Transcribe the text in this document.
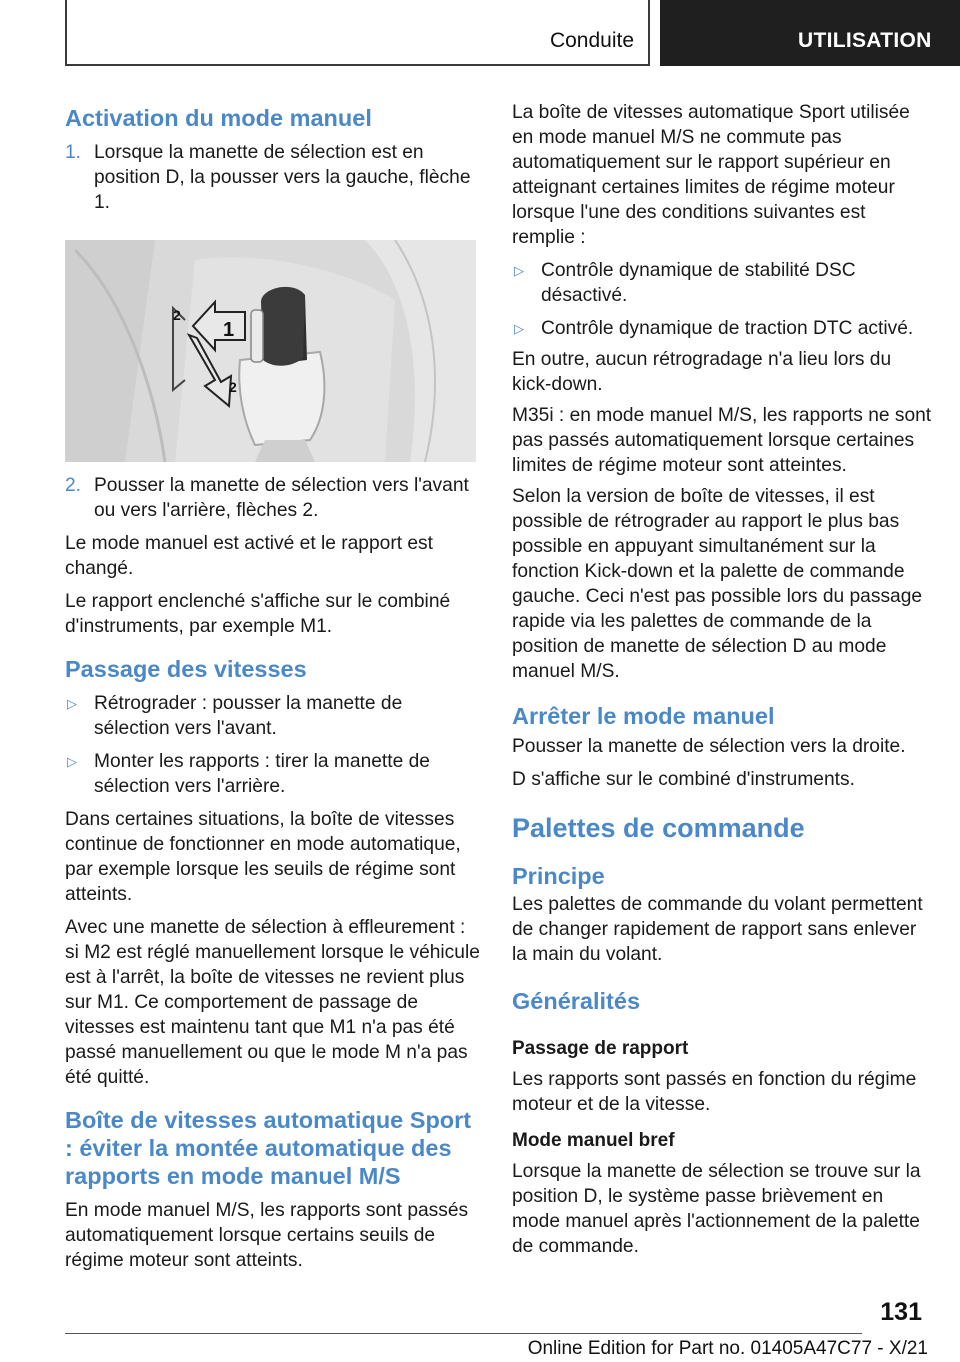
Conduite	UTILISATION
Activation du mode manuel
1. Lorsque la manette de sélection est en position D, la pousser vers la gauche, flèche 1.
1
2
2
2. Pousser la manette de sélection vers l'avant ou vers l'arrière, flèches 2.

Le mode manuel est activé et le rapport est changé.

Le rapport enclenché s'affiche sur le combiné d'instruments, par exemple M1.

Passage des vitesses
▷ Rétrograder : pousser la manette de sélection vers l'avant.
▷ Monter les rapports : tirer la manette de sélection vers l'arrière.

Dans certaines situations, la boîte de vitesses continue de fonctionner en mode automatique, par exemple lorsque les seuils de régime sont atteints.

Avec une manette de sélection à effleurement : si M2 est réglé manuellement lorsque le véhicule est à l'arrêt, la boîte de vitesses ne revient plus sur M1. Ce comportement de passage de vitesses est maintenu tant que M1 n'a pas été passé manuellement ou que le mode M n'a pas été quitté.

Boîte de vitesses automatique Sport : éviter la montée automatique des rapports en mode manuel M/S

En mode manuel M/S, les rapports sont passés automatiquement lorsque certains seuils de régime moteur sont atteints.

La boîte de vitesses automatique Sport utilisée en mode manuel M/S ne commute pas automatiquement sur le rapport supérieur en atteignant certaines limites de régime moteur lorsque l'une des conditions suivantes est remplie :

▷ Contrôle dynamique de stabilité DSC désactivé.
▷ Contrôle dynamique de traction DTC activé.

En outre, aucun rétrogradage n'a lieu lors du kick-down.

M35i : en mode manuel M/S, les rapports ne sont pas passés automatiquement lorsque certaines limites de régime moteur sont atteintes.

Selon la version de boîte de vitesses, il est possible de rétrograder au rapport le plus bas possible en appuyant simultanément sur la fonction Kick-down et la palette de commande gauche. Ceci n'est pas possible lors du passage rapide via les palettes de commande de la position de manette de sélection D au mode manuel M/S.

Arrêter le mode manuel

Pousser la manette de sélection vers la droite.

D s'affiche sur le combiné d'instruments.

Palettes de commande
Principe

Les palettes de commande du volant permettent de changer rapidement de rapport sans enlever la main du volant.

Généralités
Passage de rapport

Les rapports sont passés en fonction du régime moteur et de la vitesse.

Mode manuel bref

Lorsque la manette de sélection se trouve sur la position D, le système passe brièvement en mode manuel après l'actionnement de la palette de commande.

131
Online Edition for Part no. 01405A47C77 - X/21
